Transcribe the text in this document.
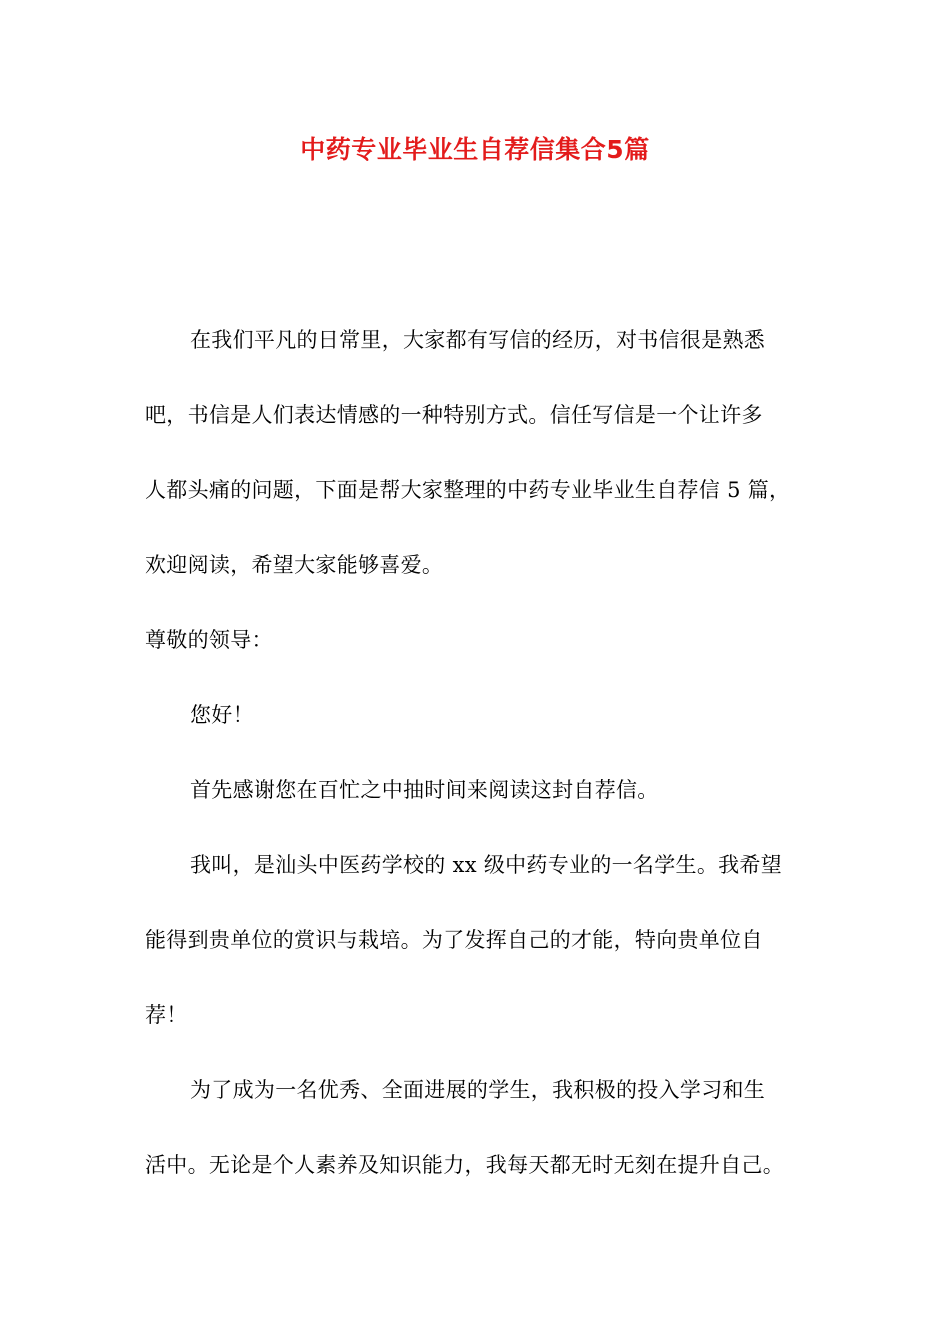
中药专业毕业生自荐信集合5篇
在我们平凡的日常里，大家都有写信的经历，对书信很是熟悉
吧，书信是人们表达情感的一种特别方式。信任写信是一个让许多
人都头痛的问题，下面是帮大家整理的中药专业毕业生自荐信 5 篇，
欢迎阅读，希望大家能够喜爱。
尊敬的领导：
您好！
首先感谢您在百忙之中抽时间来阅读这封自荐信。
我叫，是汕头中医药学校的 xx 级中药专业的一名学生。我希望
能得到贵单位的赏识与栽培。为了发挥自己的才能，特向贵单位自
荐！
为了成为一名优秀、全面进展的学生，我积极的投入学习和生
活中。无论是个人素养及知识能力，我每天都无时无刻在提升自己。
